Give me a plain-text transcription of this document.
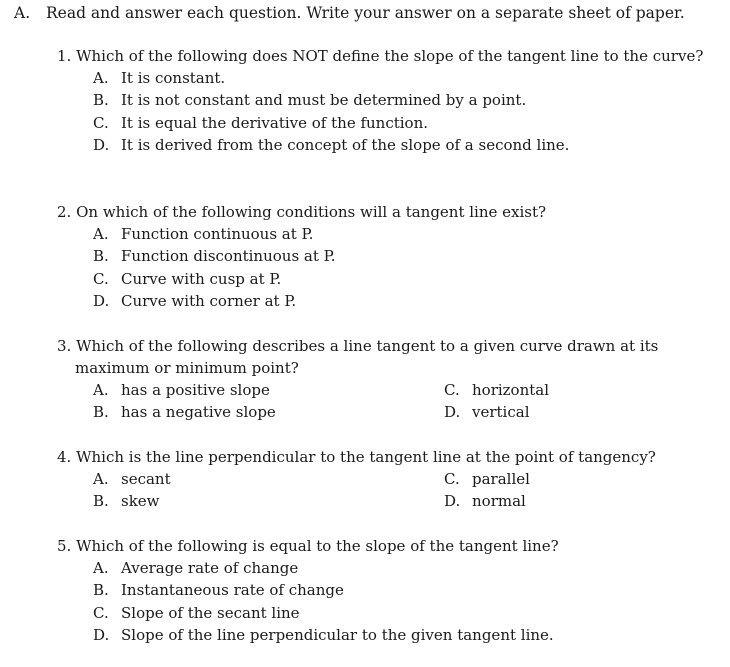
A. Read and answer each question. Write your answer on a separate sheet of paper.
1. Which of the following does NOT define the slope of the tangent line to the curve?
A. It is constant.
B. It is not constant and must be determined by a point.
C. It is equal the derivative of the function.
D. It is derived from the concept of the slope of a second line.
2. On which of the following conditions will a tangent line exist?
A. Function continuous at P.
B. Function discontinuous at P.
C. Curve with cusp at P.
D. Curve with corner at P.
3. Which of the following describes a line tangent to a given curve drawn at its maximum or minimum point?
A. has a positive slope	C. horizontal
B. has a negative slope	D. vertical
4. Which is the line perpendicular to the tangent line at the point of tangency?
A. secant	C. parallel
B. skew	D. normal
5. Which of the following is equal to the slope of the tangent line?
A. Average rate of change
B. Instantaneous rate of change
C. Slope of the secant line
D. Slope of the line perpendicular to the given tangent line.
